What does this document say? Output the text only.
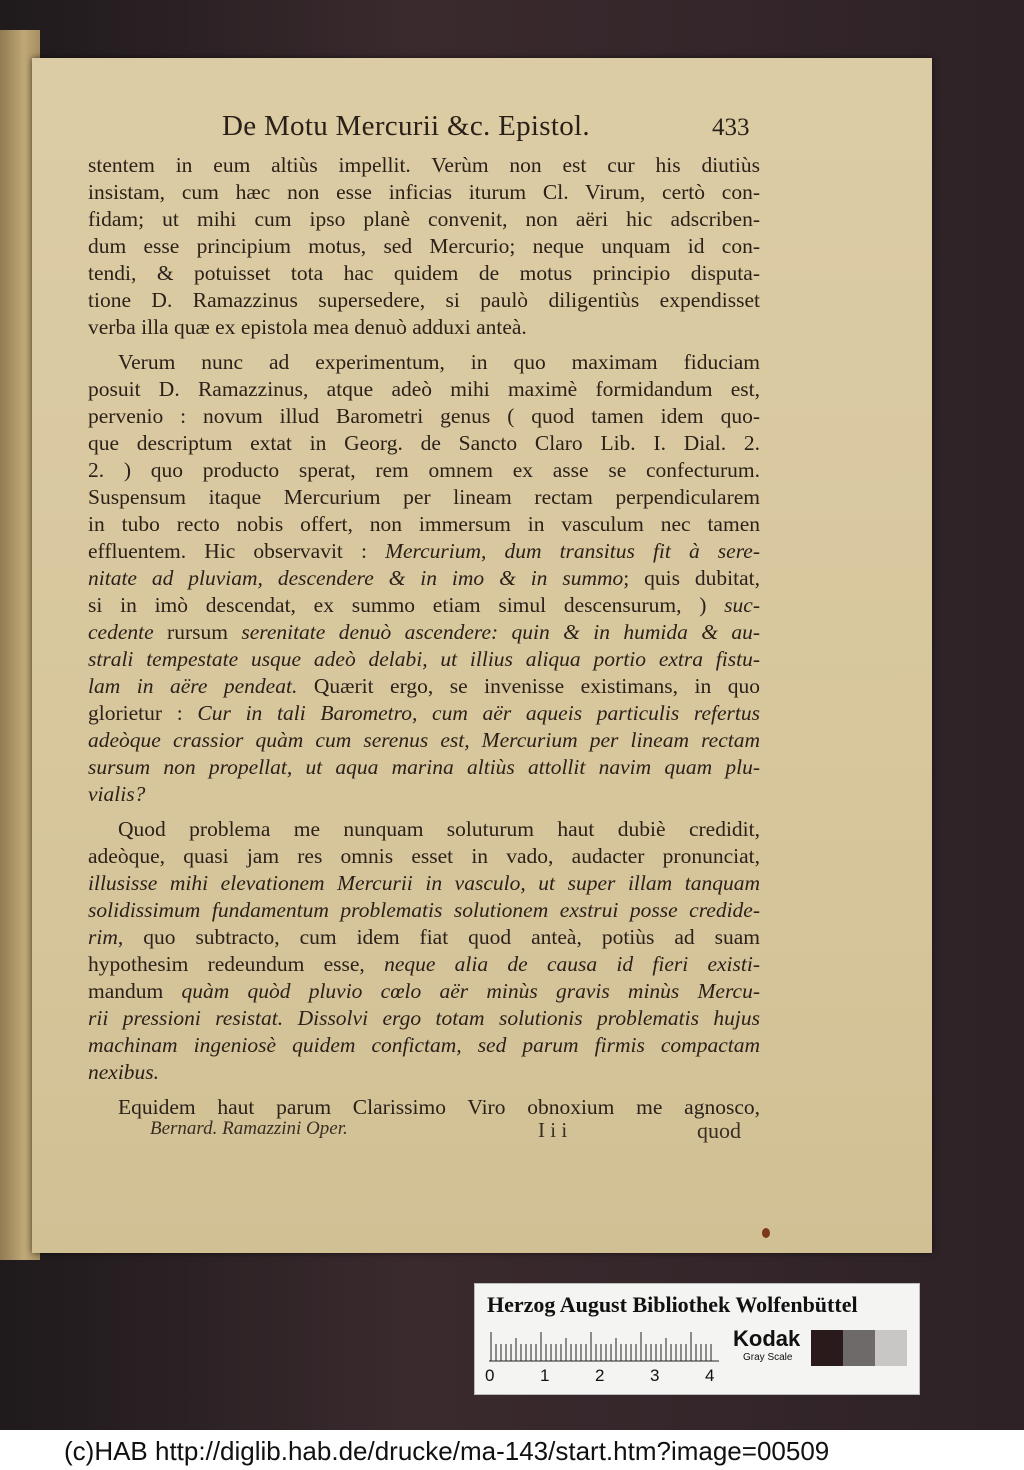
De Motu Mercurii &c. Epistol.	433
stentem in eum altiùs impellit. Verùm non est cur his diutiùs
insistam, cum hæc non esse inficias iturum Cl. Virum, certò con-
fidam; ut mihi cum ipso planè convenit, non aëri hic adscriben-
dum esse principium motus, sed Mercurio; neque unquam id con-
tendi, & potuisset tota hac quidem de motus principio disputa-
tione D. Ramazzinus supersedere, si paulò diligentiùs expendisset
verba illa quæ ex epistola mea denuò adduxi anteà.
Verum nunc ad experimentum, in quo maximam fiduciam
posuit D. Ramazzinus, atque adeò mihi maximè formidandum est,
pervenio : novum illud Barometri genus ( quod tamen idem quo-
que descriptum extat in Georg. de Sancto Claro Lib. I. Dial. 2.
2. ) quo producto sperat, rem omnem ex asse se confecturum.
Suspensum itaque Mercurium per lineam rectam perpendicularem
in tubo recto nobis offert, non immersum in vasculum nec tamen
effluentem. Hic observavit : Mercurium, dum transitus fit à sere-
nitate ad pluviam, descendere & in imo & in summo; quis dubitat,
si in imò descendat, ex summo etiam simul descensurum, ) suc-
cedente rursum serenitate denuò ascendere: quin & in humida & au-
strali tempestate usque adeò delabi, ut illius aliqua portio extra fistu-
lam in aëre pendeat. Quærit ergo, se invenisse existimans, in quo
glorietur : Cur in tali Barometro, cum aër aqueis particulis refertus
adeòque crassior quàm cum serenus est, Mercurium per lineam rectam
sursum non propellat, ut aqua marina altiùs attollit navim quam plu-
vialis?
Quod problema me nunquam soluturum haut dubiè credidit,
adeòque, quasi jam res omnis esset in vado, audacter pronunciat,
illusisse mihi elevationem Mercurii in vasculo, ut super illam tanquam
solidissimum fundamentum problematis solutionem exstrui posse credide-
rim, quo subtracto, cum idem fiat quod anteà, potiùs ad suam
hypothesim redeundum esse, neque alia de causa id fieri existi-
mandum quàm quòd pluvio cœlo aër minùs gravis minùs Mercu-
rii pressioni resistat. Dissolvi ergo totam solutionis problematis hujus
machinam ingeniosè quidem confictam, sed parum firmis compactam
nexibus.
Equidem haut parum Clarissimo Viro obnoxium me agnosco,
Bernard. Ramazzini Oper.	I i i	quod
Herzog August Bibliothek Wolfenbüttel
0	1	2	3	4
Kodak
Gray Scale
(c)HAB http://diglib.hab.de/drucke/ma-143/start.htm?image=00509
